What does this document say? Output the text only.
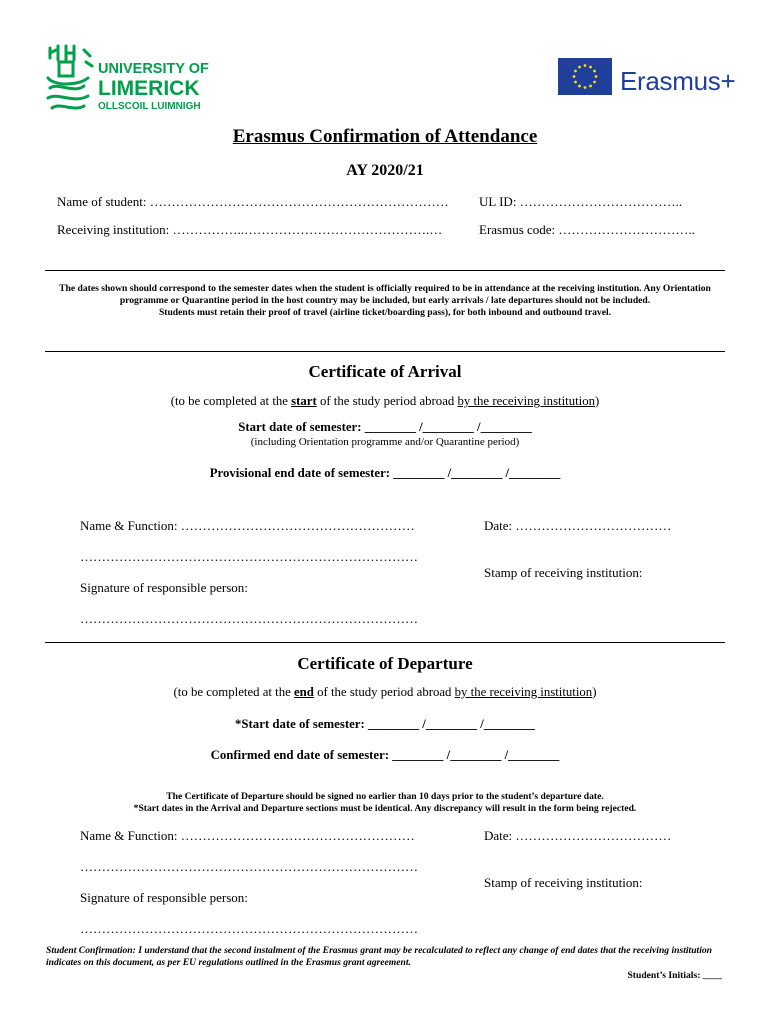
UNIVERSITY OF
LIMERICK
OLLSCOIL LUIMNIGH
Erasmus+
Erasmus Confirmation of Attendance
AY 2020/21
Name of student: …………………………………………………………… UL ID: ………………………………..
Receiving institution: ……………..…………………………………….…	Erasmus code: …………………………..
The dates shown should correspond to the semester dates when the student is officially required to be in attendance at the receiving institution. Any Orientation programme or Quarantine period in the host country may be included, but early arrivals / late departures should not be included.
Students must retain their proof of travel (airline ticket/boarding pass), for both inbound and outbound travel.
Certificate of Arrival
(to be completed at the start of the study period abroad by the receiving institution)
Start date of semester: ________ /________ /________
(including Orientation programme and/or Quarantine period)
Provisional end date of semester: ________ /________ /________
Name & Function: ………………………………………………	Date: ………………………………
……………………………………………………………………
Stamp of receiving institution:
Signature of responsible person:
……………………………………………………………………
Certificate of Departure
(to be completed at the end of the study period abroad by the receiving institution)
*Start date of semester: ________ /________ /________
Confirmed end date of semester: ________ /________ /________
The Certificate of Departure should be signed no earlier than 10 days prior to the student’s departure date.
*Start dates in the Arrival and Departure sections must be identical. Any discrepancy will result in the form being rejected.
Name & Function: ………………………………………………	Date: ………………………………
……………………………………………………………………
Stamp of receiving institution:
Signature of responsible person:
……………………………………………………………………
Student Confirmation: I understand that the second instalment of the Erasmus grant may be recalculated to reflect any change of end dates that the receiving institution indicates on this document, as per EU regulations outlined in the Erasmus grant agreement.
Student’s Initials: ____
